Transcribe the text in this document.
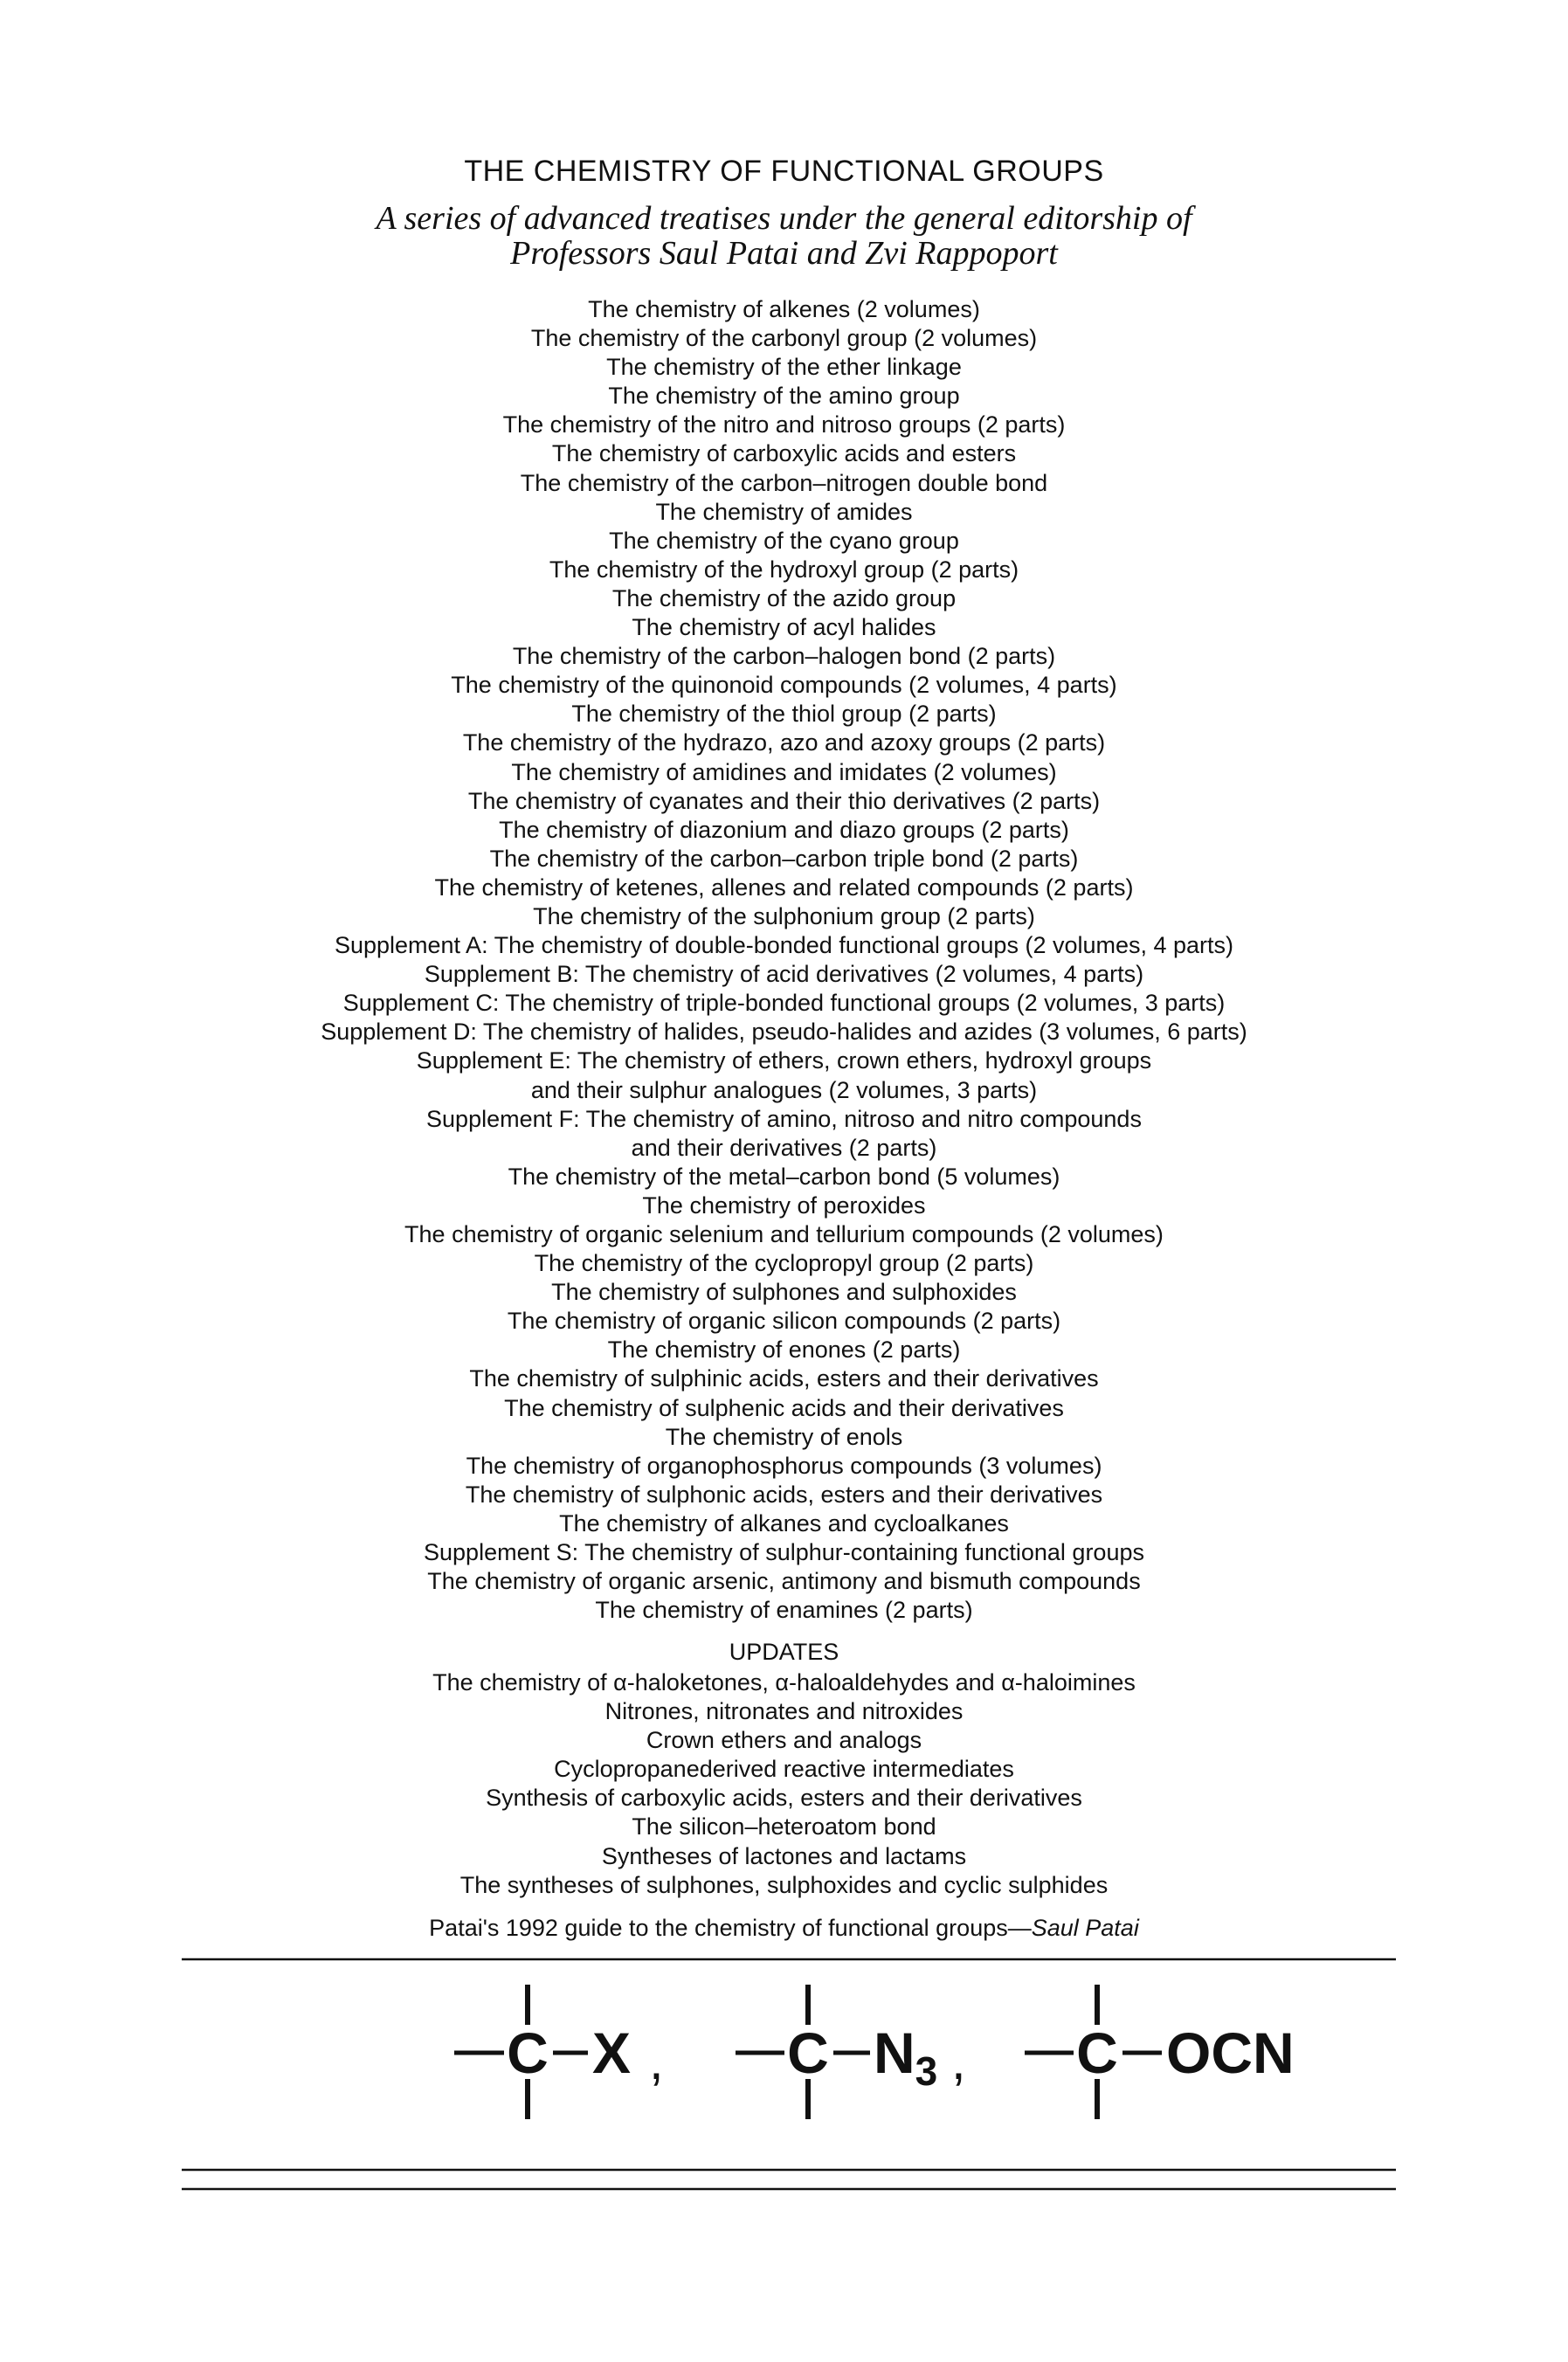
THE CHEMISTRY OF FUNCTIONAL GROUPS
A series of advanced treatises under the general editorship of
Professors Saul Patai and Zvi Rappoport
The chemistry of alkenes (2 volumes)
The chemistry of the carbonyl group (2 volumes)
The chemistry of the ether linkage
The chemistry of the amino group
The chemistry of the nitro and nitroso groups (2 parts)
The chemistry of carboxylic acids and esters
The chemistry of the carbon–nitrogen double bond
The chemistry of amides
The chemistry of the cyano group
The chemistry of the hydroxyl group (2 parts)
The chemistry of the azido group
The chemistry of acyl halides
The chemistry of the carbon–halogen bond (2 parts)
The chemistry of the quinonoid compounds (2 volumes, 4 parts)
The chemistry of the thiol group (2 parts)
The chemistry of the hydrazo, azo and azoxy groups (2 parts)
The chemistry of amidines and imidates (2 volumes)
The chemistry of cyanates and their thio derivatives (2 parts)
The chemistry of diazonium and diazo groups (2 parts)
The chemistry of the carbon–carbon triple bond (2 parts)
The chemistry of ketenes, allenes and related compounds (2 parts)
The chemistry of the sulphonium group (2 parts)
Supplement A: The chemistry of double-bonded functional groups (2 volumes, 4 parts)
Supplement B: The chemistry of acid derivatives (2 volumes, 4 parts)
Supplement C: The chemistry of triple-bonded functional groups (2 volumes, 3 parts)
Supplement D: The chemistry of halides, pseudo-halides and azides (3 volumes, 6 parts)
Supplement E: The chemistry of ethers, crown ethers, hydroxyl groups
and their sulphur analogues (2 volumes, 3 parts)
Supplement F: The chemistry of amino, nitroso and nitro compounds
and their derivatives (2 parts)
The chemistry of the metal–carbon bond (5 volumes)
The chemistry of peroxides
The chemistry of organic selenium and tellurium compounds (2 volumes)
The chemistry of the cyclopropyl group (2 parts)
The chemistry of sulphones and sulphoxides
The chemistry of organic silicon compounds (2 parts)
The chemistry of enones (2 parts)
The chemistry of sulphinic acids, esters and their derivatives
The chemistry of sulphenic acids and their derivatives
The chemistry of enols
The chemistry of organophosphorus compounds (3 volumes)
The chemistry of sulphonic acids, esters and their derivatives
The chemistry of alkanes and cycloalkanes
Supplement S: The chemistry of sulphur-containing functional groups
The chemistry of organic arsenic, antimony and bismuth compounds
The chemistry of enamines (2 parts)
UPDATES
The chemistry of α-haloketones, α-haloaldehydes and α-haloimines
Nitrones, nitronates and nitroxides
Crown ethers and analogs
Cyclopropanederived reactive intermediates
Synthesis of carboxylic acids, esters and their derivatives
The silicon–heteroatom bond
Syntheses of lactones and lactams
The syntheses of sulphones, sulphoxides and cyclic sulphides
Patai's 1992 guide to the chemistry of functional groups—Saul Patai
C X , C $N_3$ , C OCN
